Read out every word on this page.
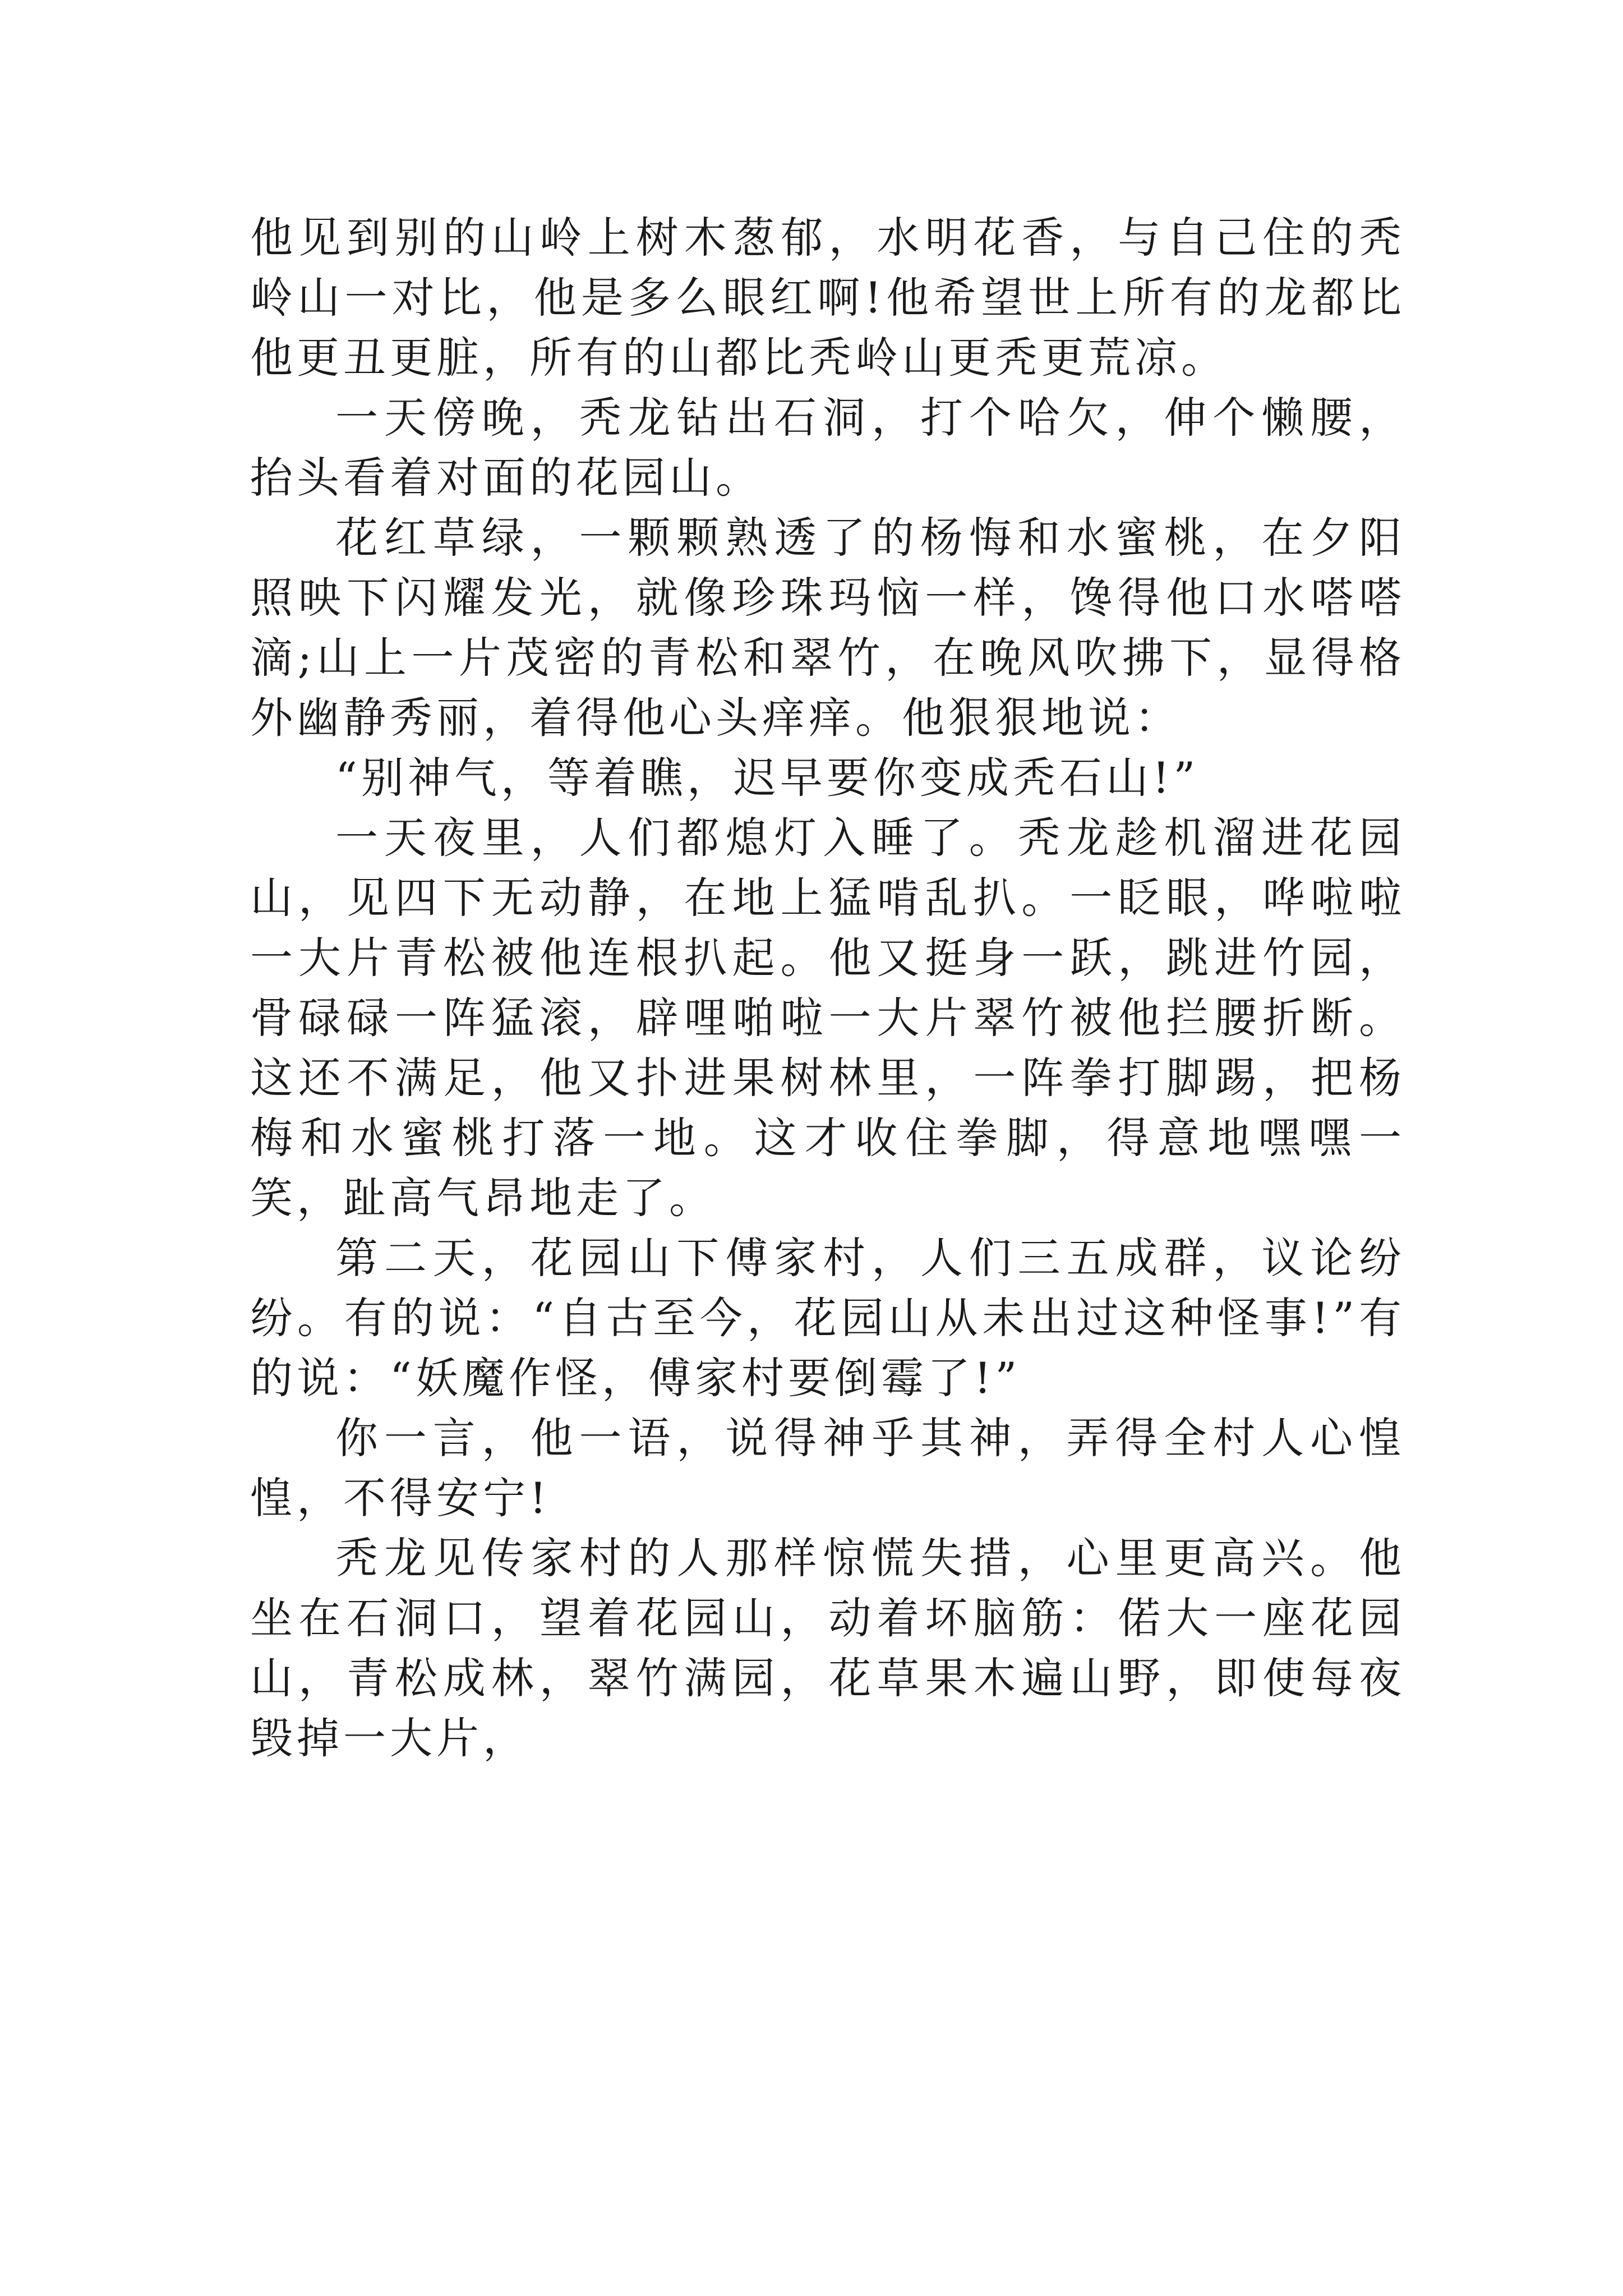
他见到别的山岭上树木葱郁，水明花香，与自己住的秃岭山一对比，他是多么眼红啊!他希望世上所有的龙都比他更丑更脏，所有的山都比秃岭山更秃更荒凉。

一天傍晚，秃龙钻出石洞，打个哈欠，伸个懒腰，抬头看着对面的花园山。

花红草绿，一颗颗熟透了的杨悔和水蜜桃，在夕阳照映下闪耀发光，就像珍珠玛恼一样，馋得他口水嗒嗒滴;山上一片茂密的青松和翠竹，在晚风吹拂下，显得格外幽静秀丽，着得他心头痒痒。他狠狠地说：

“别神气，等着瞧，迟早要你变成秃石山!”

一天夜里，人们都熄灯入睡了。秃龙趁机溜进花园山，见四下无动静，在地上猛啃乱扒。一眨眼，哗啦啦一大片青松被他连根扒起。他又挺身一跃，跳进竹园，骨碌碌一阵猛滚，辟哩啪啦一大片翠竹被他拦腰折断。这还不满足，他又扑进果树林里，一阵拳打脚踢，把杨梅和水蜜桃打落一地。这才收住拳脚，得意地嘿嘿一笑，趾高气昂地走了。

第二天，花园山下傅家村，人们三五成群，议论纷纷。有的说：“自古至今，花园山从未出过这种怪事!”有的说：“妖魔作怪，傅家村要倒霉了!”

你一言，他一语，说得神乎其神，弄得全村人心惶惶，不得安宁!

秃龙见传家村的人那样惊慌失措，心里更高兴。他坐在石洞口，望着花园山，动着坏脑筋：偌大一座花园山，青松成林，翠竹满园，花草果木遍山野，即使每夜毁掉一大片，
